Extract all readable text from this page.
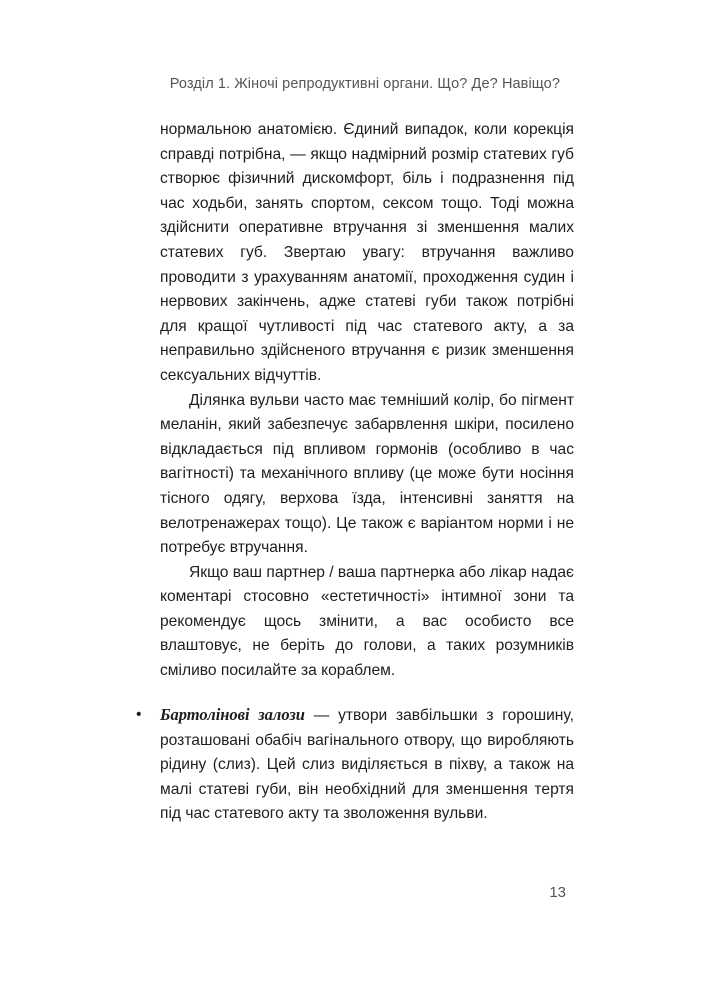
Розділ 1. Жіночі репродуктивні органи. Що? Де? Навіщо?

нормальною анатомією. Єдиний випадок, коли корекція справді потрібна, — якщо надмірний розмір статевих губ створює фізичний дискомфорт, біль і подразнення під час ходьби, занять спортом, сексом тощо. Тоді можна здійснити оперативне втручання зі зменшення малих статевих губ. Звертаю увагу: втручання важливо проводити з урахуванням анатомії, проходження судин і нервових закінчень, адже статеві губи також потрібні для кращої чутливості під час статевого акту, а за неправильно здійсненого втручання є ризик зменшення сексуальних відчуттів.

Ділянка вульви часто має темніший колір, бо пігмент меланін, який забезпечує забарвлення шкіри, посилено відкладається під впливом гормонів (особливо в час вагітності) та механічного впливу (це може бути носіння тісного одягу, верхова їзда, інтенсивні заняття на велотренажерах тощо). Це також є варіантом норми і не потребує втручання.

Якщо ваш партнер / ваша партнерка або лікар надає коментарі стосовно «естетичності» інтимної зони та рекомендує щось змінити, а вас особисто все влаштовує, не беріть до голови, а таких розумників сміливо посилайте за кораблем.

•	Бартолінові залози — утвори завбільшки з горошину, розташовані обабіч вагінального отвору, що виробляють рідину (слиз). Цей слиз виділяється в піхву, а також на малі статеві губи, він необхідний для зменшення тертя під час статевого акту та зволоження вульви.
13
